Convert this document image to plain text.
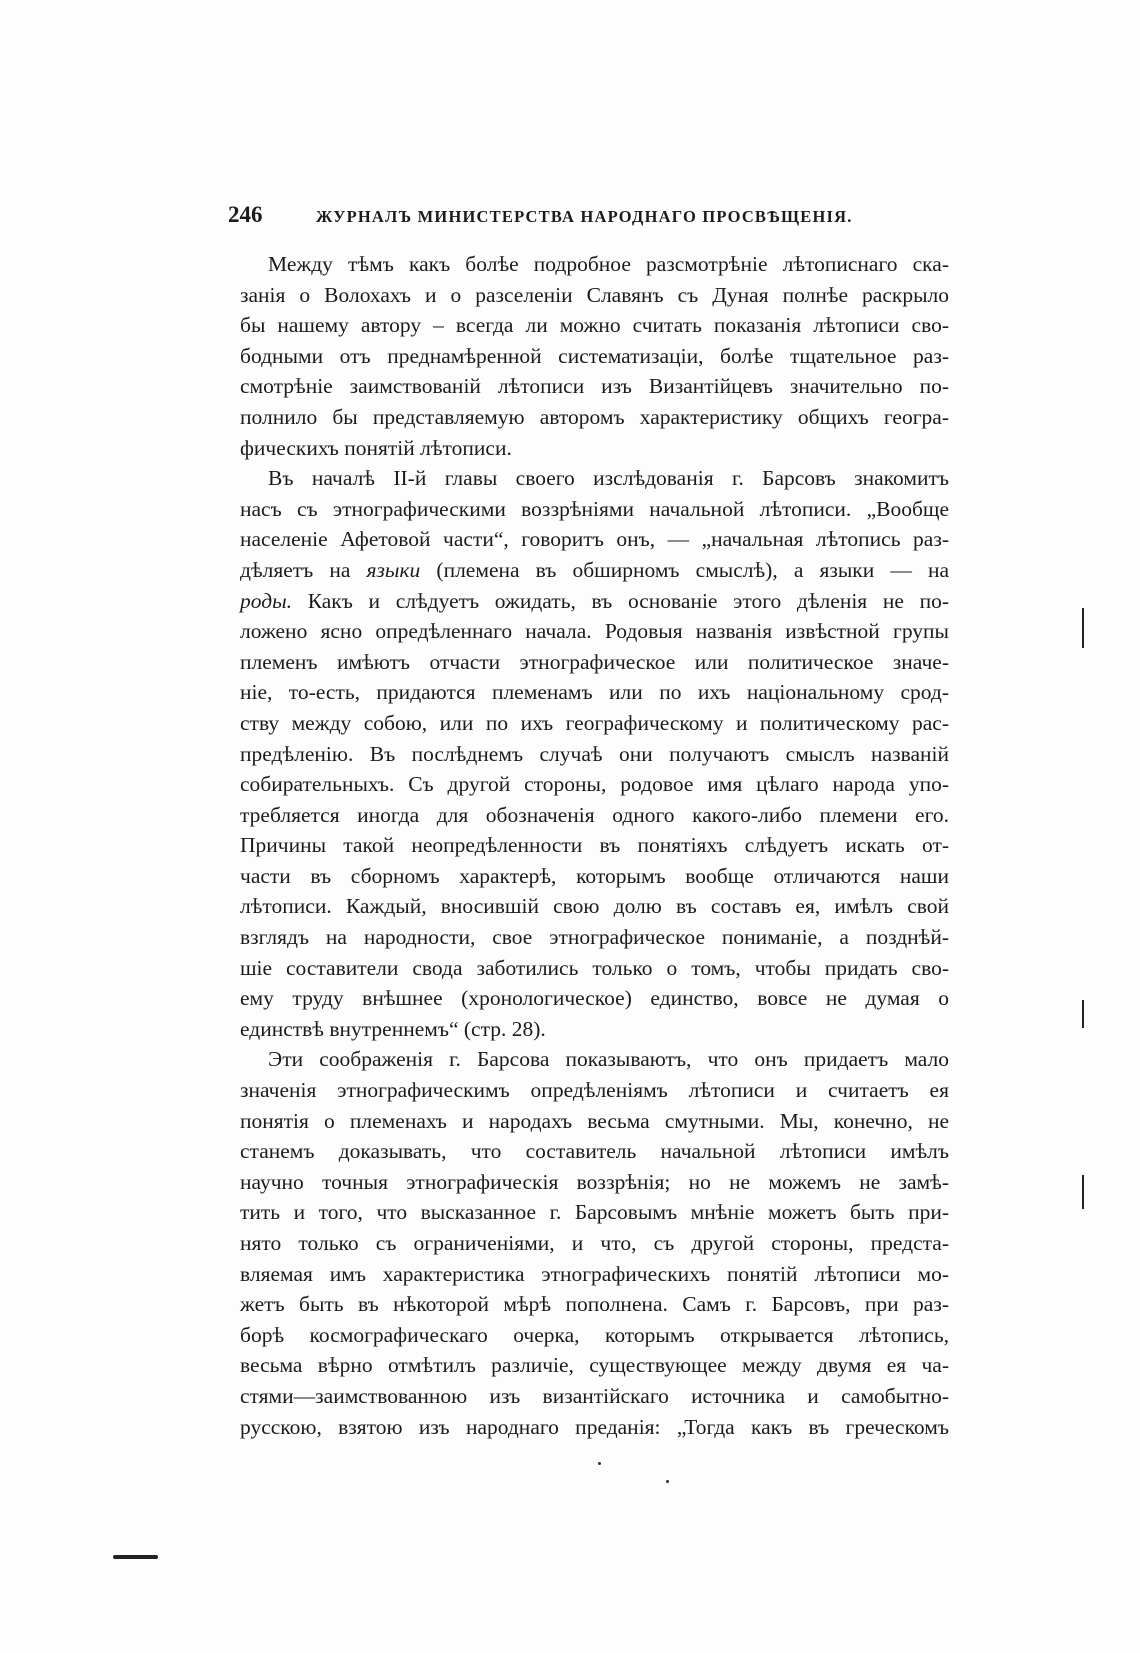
246	ЖУРНАЛЪ МИНИСТЕРСТВА НАРОДНАГО ПРОСВѢЩЕНІЯ.
Между тѣмъ какъ болѣе подробное разсмотрѣніе лѣтописнаго ска-
занія о Волохахъ и о разселеніи Славянъ съ Дуная полнѣе раскрыло
бы нашему автору – всегда ли можно считать показанія лѣтописи сво-
бодными отъ преднамѣренной систематизаціи, болѣе тщательное раз-
смотрѣніе заимствованій лѣтописи изъ Византійцевъ значительно по-
полнило бы представляемую авторомъ характеристику общихъ геогра-
фическихъ понятій лѣтописи.
Въ началѣ II-й главы своего изслѣдованія г. Барсовъ знакомитъ
насъ съ этнографическими воззрѣніями начальной лѣтописи. „Вообще
населеніе Афетовой части“, говоритъ онъ, — „начальная лѣтопись раз-
дѣляетъ на языки (племена въ обширномъ смыслѣ), а языки — на
роды. Какъ и слѣдуетъ ожидать, въ основаніе этого дѣленія не по-
ложено ясно опредѣленнаго начала. Родовыя названія извѣстной групы
племенъ имѣютъ отчасти этнографическое или политическое значе-
ніе, то-есть, придаются племенамъ или по ихъ національному срод-
ству между собою, или по ихъ географическому и политическому рас-
предѣленію. Въ послѣднемъ случаѣ они получаютъ смыслъ названій
собирательныхъ. Съ другой стороны, родовое имя цѣлаго народа упо-
требляется иногда для обозначенія одного какого-либо племени его.
Причины такой неопредѣленности въ понятіяхъ слѣдуетъ искать от-
части въ сборномъ характерѣ, которымъ вообще отличаются наши
лѣтописи. Каждый, вносившій свою долю въ составъ ея, имѣлъ свой
взглядъ на народности, свое этнографическое пониманіе, а позднѣй-
шіе составители свода заботились только о томъ, чтобы придать сво-
ему труду внѣшнее (хронологическое) единство, вовсе не думая о
единствѣ внутреннемъ“ (стр. 28).
Эти соображенія г. Барсова показываютъ, что онъ придаетъ мало
значенія этнографическимъ опредѣленіямъ лѣтописи и считаетъ ея
понятія о племенахъ и народахъ весьма смутными. Мы, конечно, не
станемъ доказывать, что составитель начальной лѣтописи имѣлъ
научно точныя этнографическія воззрѣнія; но не можемъ не замѣ-
тить и того, что высказанное г. Барсовымъ мнѣніе можетъ быть при-
нято только съ ограниченіями, и что, съ другой стороны, предста-
вляемая имъ характеристика этнографическихъ понятій лѣтописи мо-
жетъ быть въ нѣкоторой мѣрѣ пополнена. Самъ г. Барсовъ, при раз-
борѣ космографическаго очерка, которымъ открывается лѣтопись,
весьма вѣрно отмѣтилъ различіе, существующее между двумя ея ча-
стями—заимствованною изъ византійскаго источника и самобытно-
русскою, взятою изъ народнаго преданія: „Тогда какъ въ греческомъ
